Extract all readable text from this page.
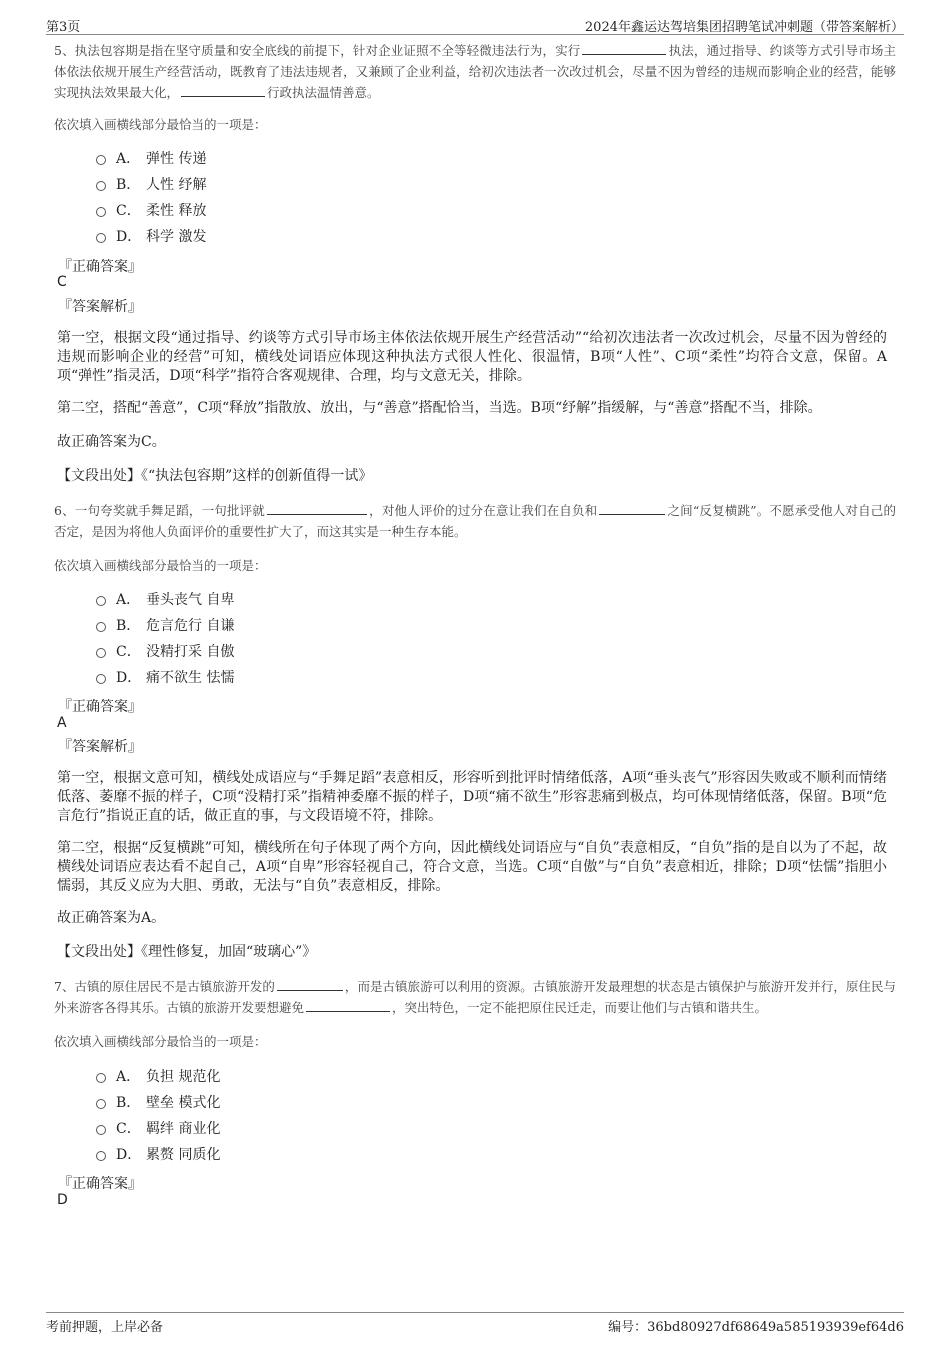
第3页	2024年鑫运达驾培集团招聘笔试冲刺题（带答案解析）
5、执法包容期是指在坚守质量和安全底线的前提下，针对企业证照不全等轻微违法行为，实行	执法，通过指导、约谈等方式引导市场主体依法依规开展生产经营活动，既教育了违法违规者，又兼顾了企业利益，给初次违法者一次改过机会，尽量不因为曾经的违规而影响企业的经营，能够实现执法效果最大化，	行政执法温情善意。
依次填入画横线部分最恰当的一项是：
A． 弹性 传递
B． 人性 纾解
C． 柔性 释放
D． 科学 激发
『正确答案』
C
『答案解析』
第一空，根据文段“通过指导、约谈等方式引导市场主体依法依规开展生产经营活动”“给初次违法者一次改过机会，尽量不因为曾经的违规而影响企业的经营”可知，横线处词语应体现这种执法方式很人性化、很温情，B项“人性”、C项“柔性”均符合文意，保留。A项“弹性”指灵活，D项“科学”指符合客观规律、合理，均与文意无关，排除。
第二空，搭配“善意”，C项“释放”指散放、放出，与“善意”搭配恰当，当选。B项“纾解”指缓解，与“善意”搭配不当，排除。
故正确答案为C。
【文段出处】《“执法包容期”这样的创新值得一试》
6、一句夸奖就手舞足蹈，一句批评就	，对他人评价的过分在意让我们在自负和	之间“反复横跳”。不愿承受他人对自己的否定，是因为将他人负面评价的重要性扩大了，而这其实是一种生存本能。
依次填入画横线部分最恰当的一项是：
A． 垂头丧气 自卑
B． 危言危行 自谦
C． 没精打采 自傲
D． 痛不欲生 怯懦
『正确答案』
A
『答案解析』
第一空，根据文意可知，横线处成语应与“手舞足蹈”表意相反，形容听到批评时情绪低落，A项“垂头丧气”形容因失败或不顺利而情绪低落、萎靡不振的样子，C项“没精打采”指精神委靡不振的样子，D项“痛不欲生”形容悲痛到极点，均可体现情绪低落，保留。B项“危言危行”指说正直的话，做正直的事，与文段语境不符，排除。
第二空，根据“反复横跳”可知，横线所在句子体现了两个方向，因此横线处词语应与“自负”表意相反，“自负”指的是自以为了不起，故横线处词语应表达看不起自己，A项“自卑”形容轻视自己，符合文意，当选。C项“自傲”与“自负”表意相近，排除；D项“怯懦”指胆小懦弱，其反义应为大胆、勇敢，无法与“自负”表意相反，排除。
故正确答案为A。
【文段出处】《理性修复，加固“玻璃心”》
7、古镇的原住居民不是古镇旅游开发的	，而是古镇旅游可以利用的资源。古镇旅游开发最理想的状态是古镇保护与旅游开发并行，原住民与外来游客各得其乐。古镇的旅游开发要想避免	，突出特色，一定不能把原住民迁走，而要让他们与古镇和谐共生。
依次填入画横线部分最恰当的一项是：
A． 负担 规范化
B． 壁垒 模式化
C． 羁绊 商业化
D． 累赘 同质化
『正确答案』
D
考前押题，上岸必备	编号：36bd80927df68649a585193939ef64d6
